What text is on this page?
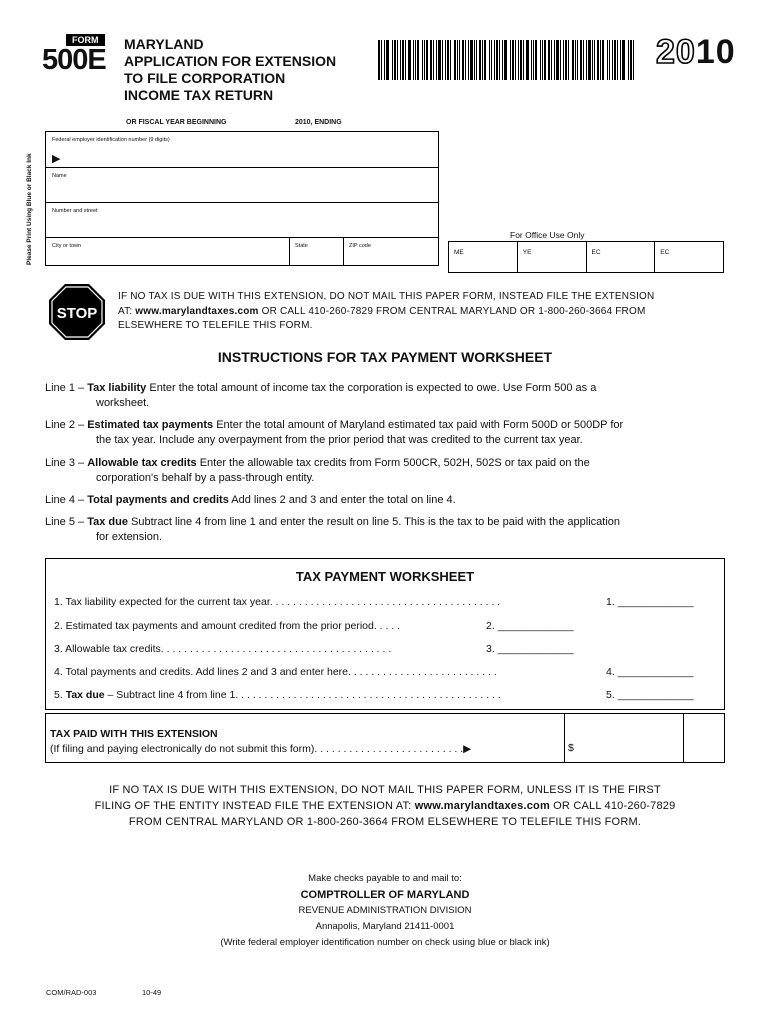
FORM
500E MARYLAND
APPLICATION FOR EXTENSION
TO FILE CORPORATION
INCOME TAX RETURN
2010
OR FISCAL YEAR BEGINNING	2010, ENDING
Please Print Using Blue or Black Ink
Federal employer identification number (9 digits)
▶
Name
Number and street
City or town	State	ZIP code
For Office Use Only
ME	YE	EC	EC
STOP
IF NO TAX IS DUE WITH THIS EXTENSION, DO NOT MAIL THIS PAPER FORM, INSTEAD FILE THE EXTENSION
AT: www.marylandtaxes.com OR CALL 410-260-7829 FROM CENTRAL MARYLAND OR 1-800-260-3664 FROM
ELSEWHERE TO TELEFILE THIS FORM.
INSTRUCTIONS FOR TAX PAYMENT WORKSHEET
Line 1 – Tax liability Enter the total amount of income tax the corporation is expected to owe. Use Form 500 as a
worksheet.
Line 2 – Estimated tax payments Enter the total amount of Maryland estimated tax paid with Form 500D or 500DP for
the tax year. Include any overpayment from the prior period that was credited to the current tax year.
Line 3 – Allowable tax credits Enter the allowable tax credits from Form 500CR, 502H, 502S or tax paid on the
corporation's behalf by a pass-through entity.
Line 4 – Total payments and credits Add lines 2 and 3 and enter the total on line 4.
Line 5 – Tax due Subtract line 4 from line 1 and enter the result on line 5. This is the tax to be paid with the application
for extension.
TAX PAYMENT WORKSHEET
1. Tax liability expected for the current tax year. . . . . . . . . . . . . . . . . . . . . . . . . . . . . . . . . . . . . . . .	1. _____________
2. Estimated tax payments and amount credited from the prior period. . . . .	2. _____________
3. Allowable tax credits. . . . . . . . . . . . . . . . . . . . . . . . . . . . . . . . . . . . . . . .	3. _____________
4. Total payments and credits. Add lines 2 and 3 and enter here. . . . . . . . . . . . . . . . . . . . . . . . . .	4. _____________
5. Tax due – Subtract line 4 from line 1. . . . . . . . . . . . . . . . . . . . . . . . . . . . . . . . . . . . . . . . . . . . . .	5. _____________
TAX PAID WITH THIS EXTENSION
(If filing and paying electronically do not submit this form). . . . . . . . . . . . . . . . . . . . . . . . . .▶	$
IF NO TAX IS DUE WITH THIS EXTENSION, DO NOT MAIL THIS PAPER FORM, UNLESS IT IS THE FIRST
FILING OF THE ENTITY INSTEAD FILE THE EXTENSION AT: www.marylandtaxes.com OR CALL 410-260-7829
FROM CENTRAL MARYLAND OR 1-800-260-3664 FROM ELSEWHERE TO TELEFILE THIS FORM.
Make checks payable to and mail to:
COMPTROLLER OF MARYLAND
REVENUE ADMINISTRATION DIVISION
Annapolis, Maryland 21411-0001
(Write federal employer identification number on check using blue or black ink)
COM/RAD-003	10-49
